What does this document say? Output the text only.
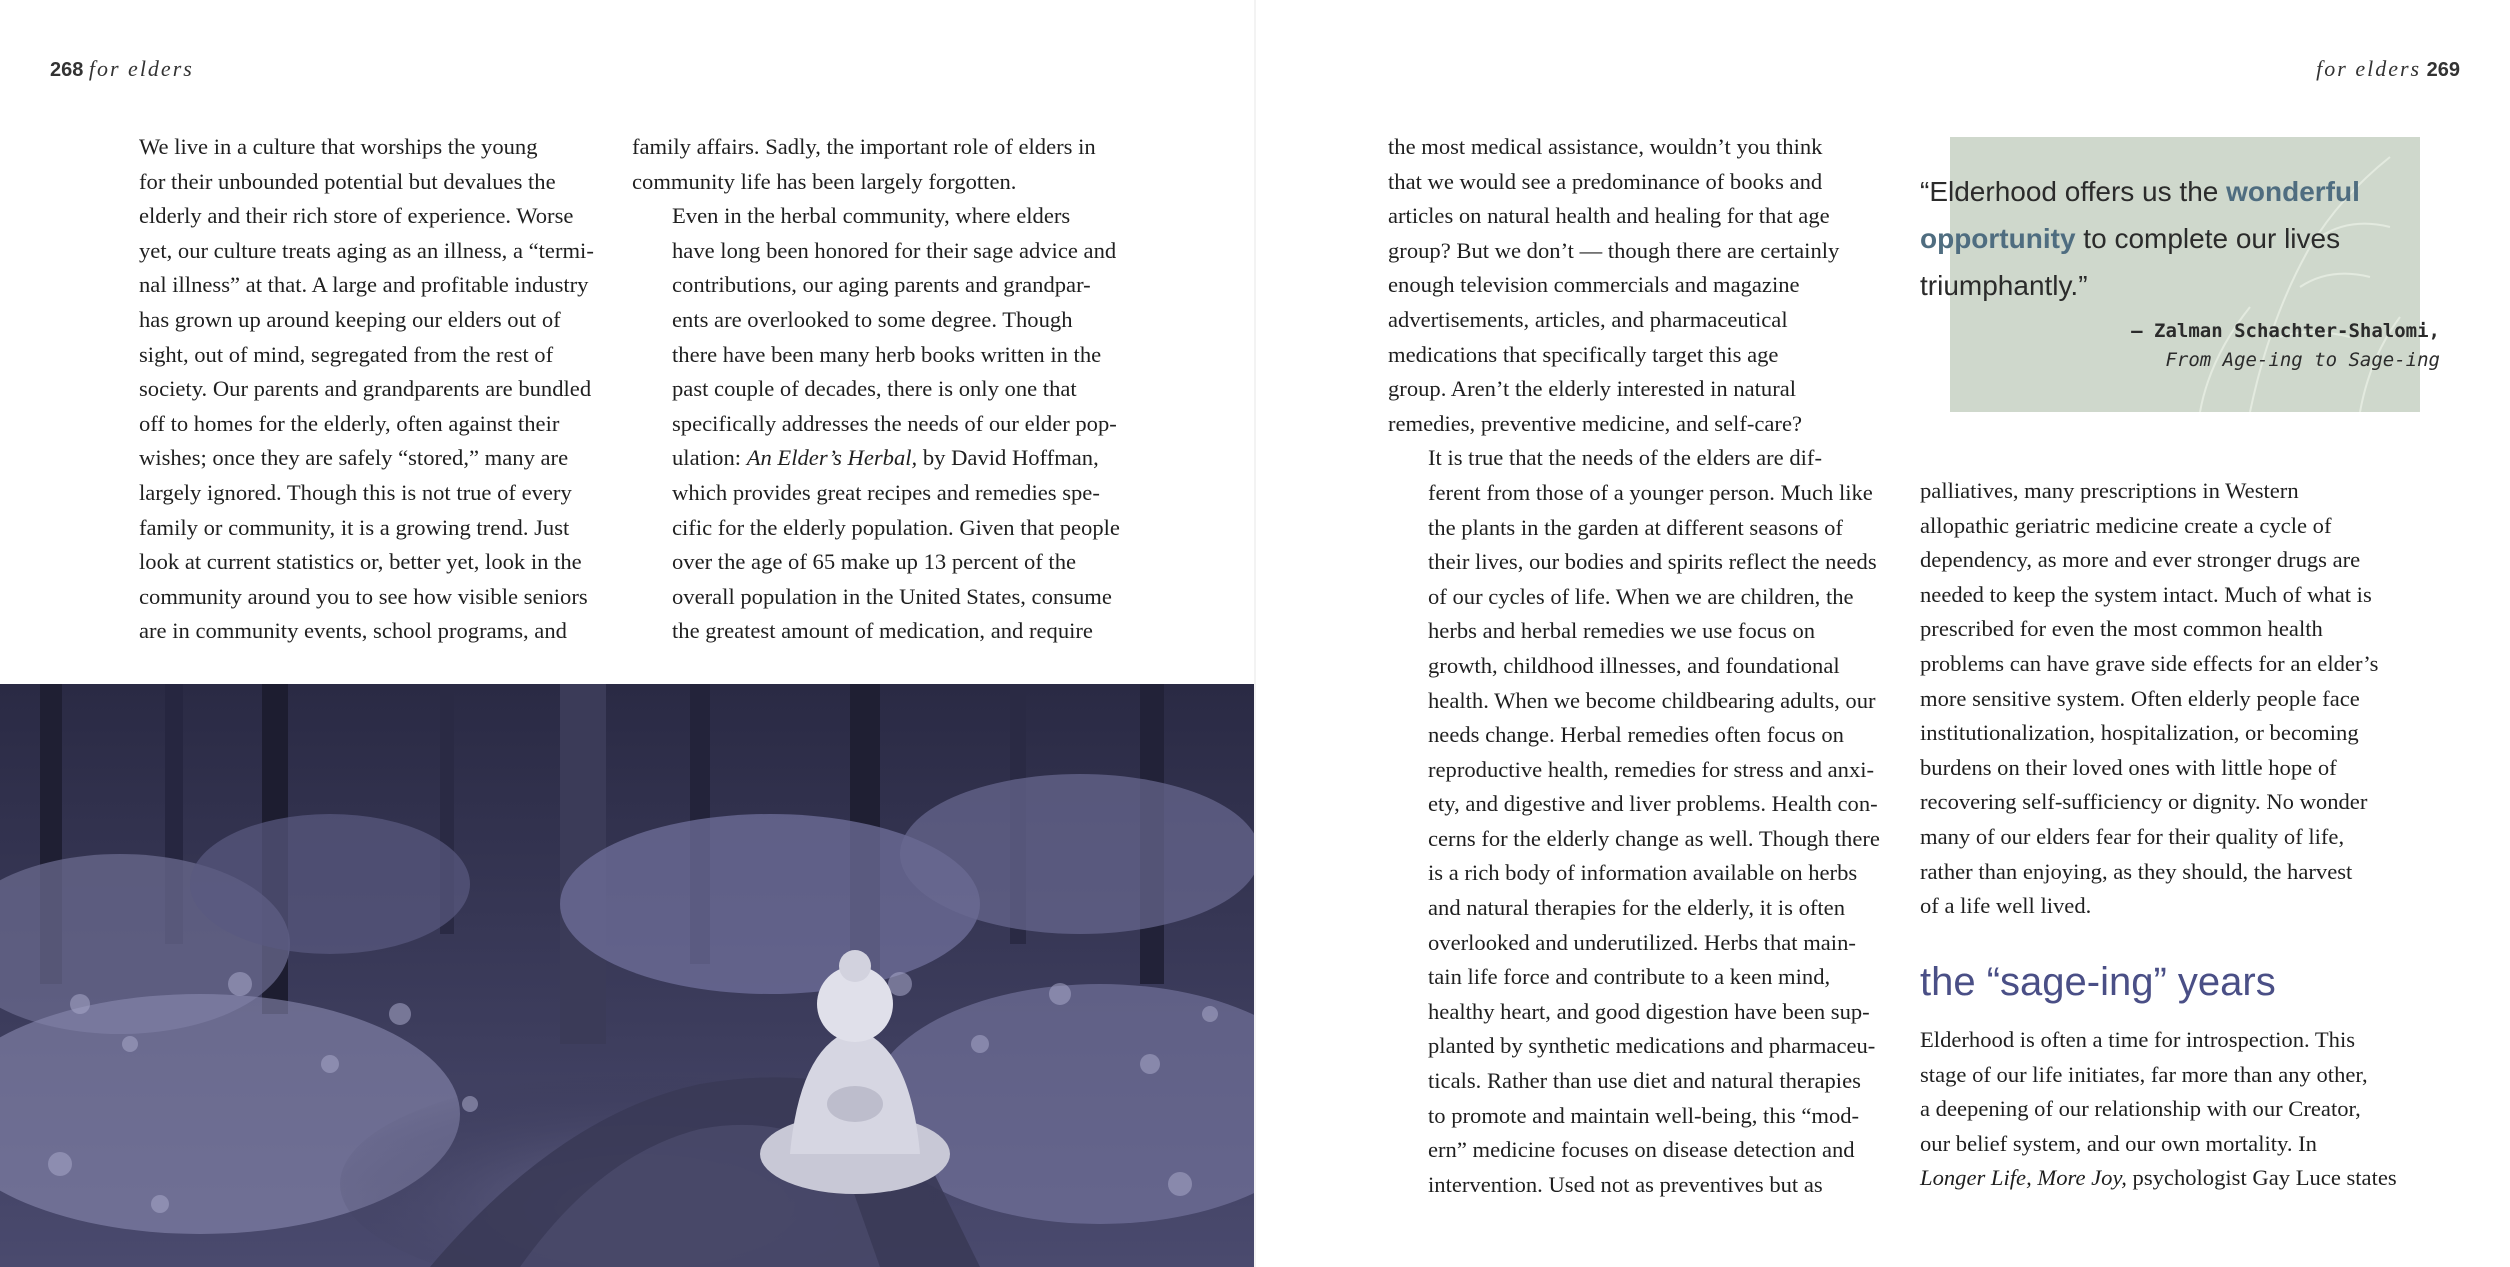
268 for elders

We live in a culture that worships the young
for their unbounded potential but devalues the
elderly and their rich store of experience. Worse
yet, our culture treats aging as an illness, a “termi-
nal illness” at that. A large and profitable industry
has grown up around keeping our elders out of
sight, out of mind, segregated from the rest of
society. Our parents and grandparents are bundled
off to homes for the elderly, often against their
wishes; once they are safely “stored,” many are
largely ignored. Though this is not true of every
family or community, it is a growing trend. Just
look at current statistics or, better yet, look in the
community around you to see how visible seniors
are in community events, school programs, and

family affairs. Sadly, the important role of elders in
community life has been largely forgotten.

Even in the herbal community, where elders
have long been honored for their sage advice and
contributions, our aging parents and grandpar-
ents are overlooked to some degree. Though
there have been many herb books written in the
past couple of decades, there is only one that
specifically addresses the needs of our elder pop-
ulation: An Elder’s Herbal, by David Hoffman,
which provides great recipes and remedies spe-
cific for the elderly population. Given that people
over the age of 65 make up 13 percent of the
overall population in the United States, consume
the greatest amount of medication, and require

for elders 269

the most medical assistance, wouldn’t you think
that we would see a predominance of books and
articles on natural health and healing for that age
group? But we don’t — though there are certainly
enough television commercials and magazine
advertisements, articles, and pharmaceutical
medications that specifically target this age
group. Aren’t the elderly interested in natural
remedies, preventive medicine, and self-care?

It is true that the needs of the elders are dif-
ferent from those of a younger person. Much like
the plants in the garden at different seasons of
their lives, our bodies and spirits reflect the needs
of our cycles of life. When we are children, the
herbs and herbal remedies we use focus on
growth, childhood illnesses, and foundational
health. When we become childbearing adults, our
needs change. Herbal remedies often focus on
reproductive health, remedies for stress and anxi-
ety, and digestive and liver problems. Health con-
cerns for the elderly change as well. Though there
is a rich body of information available on herbs
and natural therapies for the elderly, it is often
overlooked and underutilized. Herbs that main-
tain life force and contribute to a keen mind,
healthy heart, and good digestion have been sup-
planted by synthetic medications and pharmaceu-
ticals. Rather than use diet and natural therapies
to promote and maintain well-being, this “mod-
ern” medicine focuses on disease detection and
intervention. Used not as preventives but as

“Elderhood offers us the wonderful
opportunity to complete our lives
triumphantly.”
— Zalman Schachter-Shalomi,
From Age-ing to Sage-ing

palliatives, many prescriptions in Western
allopathic geriatric medicine create a cycle of
dependency, as more and ever stronger drugs are
needed to keep the system intact. Much of what is
prescribed for even the most common health
problems can have grave side effects for an elder’s
more sensitive system. Often elderly people face
institutionalization, hospitalization, or becoming
burdens on their loved ones with little hope of
recovering self-sufficiency or dignity. No wonder
many of our elders fear for their quality of life,
rather than enjoying, as they should, the harvest
of a life well lived.

the “sage-ing” years

Elderhood is often a time for introspection. This
stage of our life initiates, far more than any other,
a deepening of our relationship with our Creator,
our belief system, and our own mortality. In
Longer Life, More Joy, psychologist Gay Luce states
